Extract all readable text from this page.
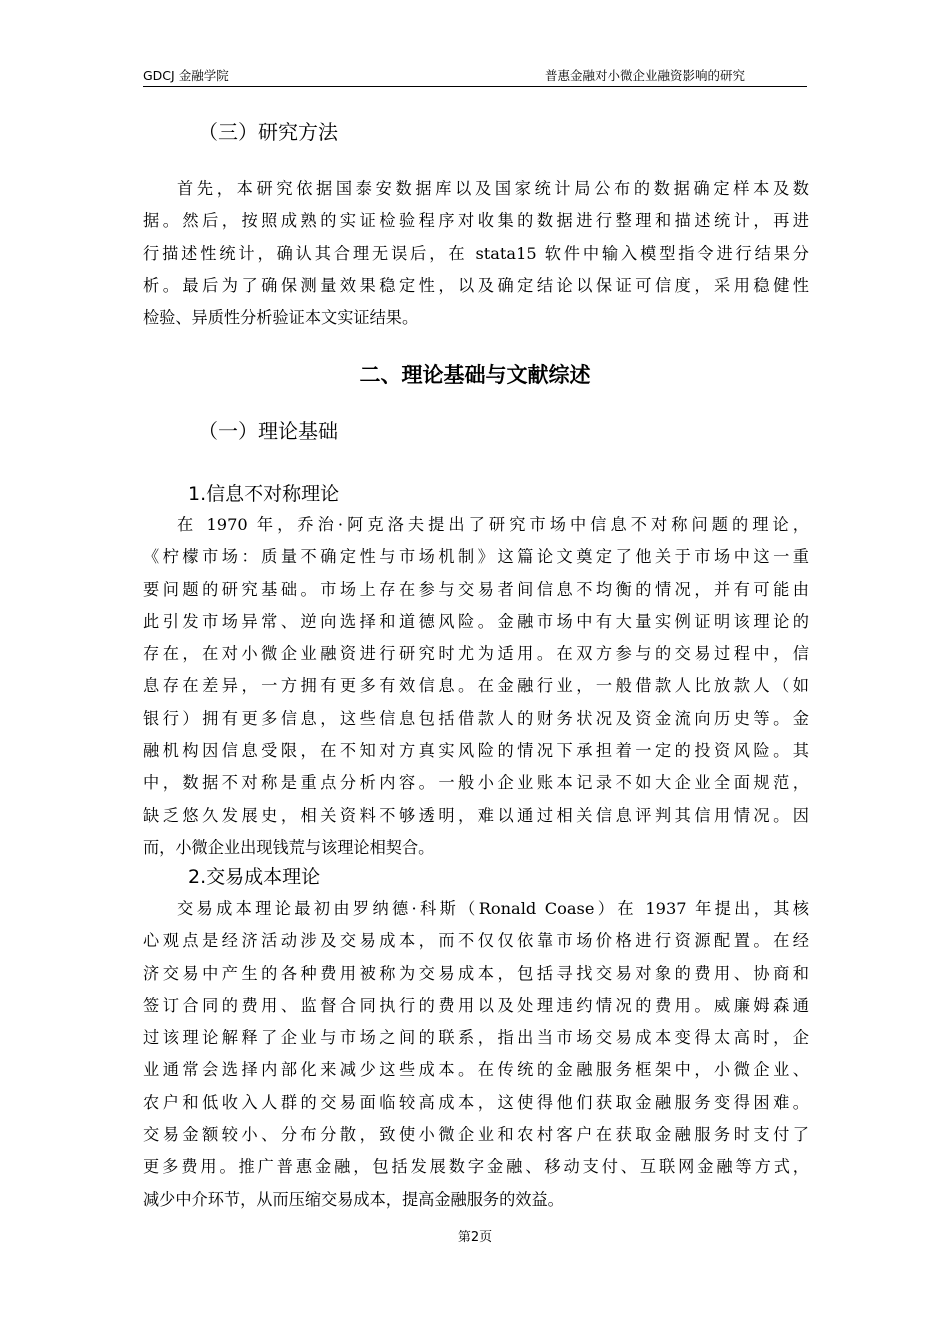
GDCJ 金融学院	普惠金融对小微企业融资影响的研究
（三）研究方法
首先，本研究依据国泰安数据库以及国家统计局公布的数据确定样本及数
据。然后，按照成熟的实证检验程序对收集的数据进行整理和描述统计，再进
行描述性统计，确认其合理无误后，在 stata15 软件中输入模型指令进行结果分
析。最后为了确保测量效果稳定性，以及确定结论以保证可信度，采用稳健性
检验、异质性分析验证本文实证结果。
二、理论基础与文献综述
（一）理论基础
1.信息不对称理论
在 1970 年，乔治·阿克洛夫提出了研究市场中信息不对称问题的理论，
《柠檬市场：质量不确定性与市场机制》这篇论文奠定了他关于市场中这一重
要问题的研究基础。市场上存在参与交易者间信息不均衡的情况，并有可能由
此引发市场异常、逆向选择和道德风险。金融市场中有大量实例证明该理论的
存在，在对小微企业融资进行研究时尤为适用。在双方参与的交易过程中，信
息存在差异，一方拥有更多有效信息。在金融行业，一般借款人比放款人（如
银行）拥有更多信息，这些信息包括借款人的财务状况及资金流向历史等。金
融机构因信息受限，在不知对方真实风险的情况下承担着一定的投资风险。其
中，数据不对称是重点分析内容。一般小企业账本记录不如大企业全面规范，
缺乏悠久发展史，相关资料不够透明，难以通过相关信息评判其信用情况。因
而，小微企业出现钱荒与该理论相契合。
2.交易成本理论
交易成本理论最初由罗纳德·科斯（Ronald Coase）在 1937 年提出，其核
心观点是经济活动涉及交易成本，而不仅仅依靠市场价格进行资源配置。在经
济交易中产生的各种费用被称为交易成本，包括寻找交易对象的费用、协商和
签订合同的费用、监督合同执行的费用以及处理违约情况的费用。威廉姆森通
过该理论解释了企业与市场之间的联系，指出当市场交易成本变得太高时，企
业通常会选择内部化来减少这些成本。在传统的金融服务框架中，小微企业、
农户和低收入人群的交易面临较高成本，这使得他们获取金融服务变得困难。
交易金额较小、分布分散，致使小微企业和农村客户在获取金融服务时支付了
更多费用。推广普惠金融，包括发展数字金融、移动支付、互联网金融等方式，
减少中介环节，从而压缩交易成本，提高金融服务的效益。
第2页
